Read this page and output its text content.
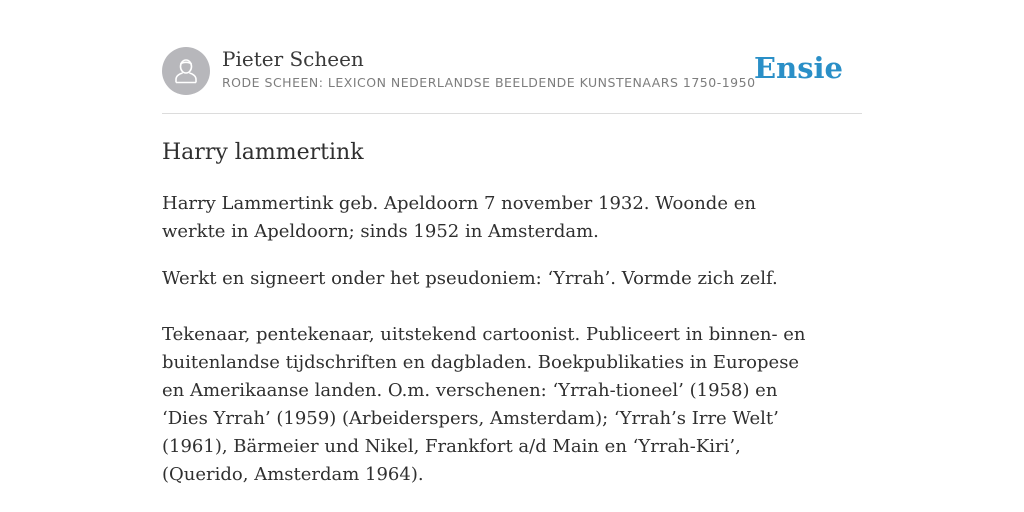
Pieter Scheen
RODE SCHEEN: LEXICON NEDERLANDSE BEELDENDE KUNSTENAARS 1750-1950
Ensie
Harry lammertink

Harry Lammertink geb. Apeldoorn 7 november 1932. Woonde en werkte in Apeldoorn; sinds 1952 in Amsterdam.

Werkt en signeert onder het pseudoniem: ‘Yrrah’. Vormde zich zelf.

Tekenaar, pentekenaar, uitstekend cartoonist. Publiceert in binnen- en buitenlandse tijdschriften en dagbladen. Boekpublikaties in Europese en Amerikaanse landen. O.m. verschenen: ‘Yrrah-tioneel’ (1958) en ‘Dies Yrrah’ (1959) (Arbeiderspers, Amsterdam); ‘Yrrah’s Irre Welt’ (1961), Bärmeier und Nikel, Frankfort a/d Main en ‘Yrrah-Kiri’, (Querido, Amsterdam 1964).
